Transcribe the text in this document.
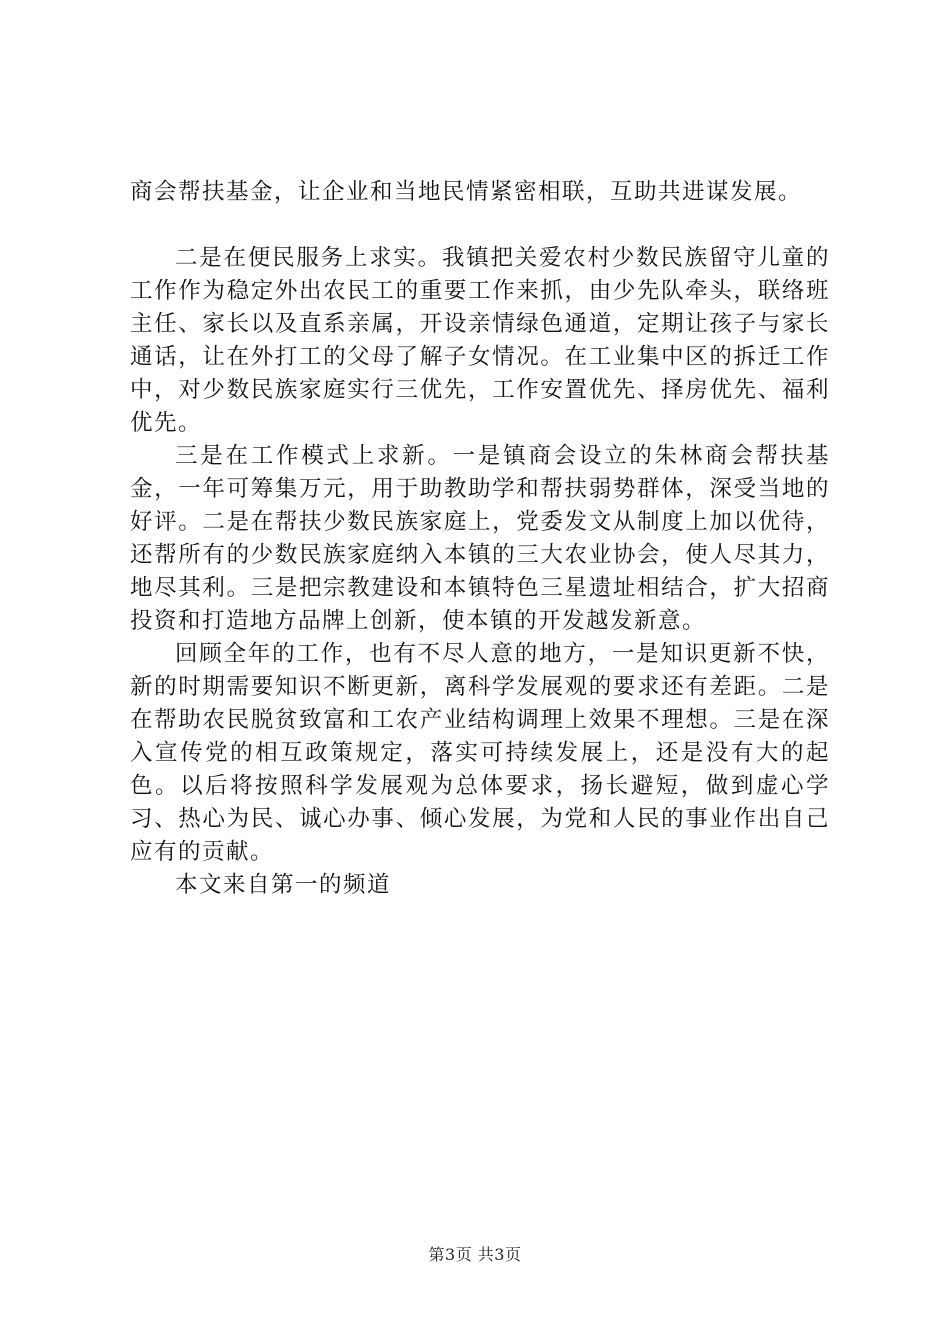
商会帮扶基金，让企业和当地民情紧密相联，互助共进谋发展。

二是在便民服务上求实。我镇把关爱农村少数民族留守儿童的工作作为稳定外出农民工的重要工作来抓，由少先队牵头，联络班主任、家长以及直系亲属，开设亲情绿色通道，定期让孩子与家长通话，让在外打工的父母了解子女情况。在工业集中区的拆迁工作中，对少数民族家庭实行三优先，工作安置优先、择房优先、福利优先。

三是在工作模式上求新。一是镇商会设立的朱林商会帮扶基金，一年可筹集万元，用于助教助学和帮扶弱势群体，深受当地的好评。二是在帮扶少数民族家庭上，党委发文从制度上加以优待，还帮所有的少数民族家庭纳入本镇的三大农业协会，使人尽其力，地尽其利。三是把宗教建设和本镇特色三星遗址相结合，扩大招商投资和打造地方品牌上创新，使本镇的开发越发新意。

回顾全年的工作，也有不尽人意的地方，一是知识更新不快，新的时期需要知识不断更新，离科学发展观的要求还有差距。二是在帮助农民脱贫致富和工农产业结构调理上效果不理想。三是在深入宣传党的相互政策规定，落实可持续发展上，还是没有大的起色。以后将按照科学发展观为总体要求，扬长避短，做到虚心学习、热心为民、诚心办事、倾心发展，为党和人民的事业作出自己应有的贡献。

本文来自第一的频道

第3页 共3页
